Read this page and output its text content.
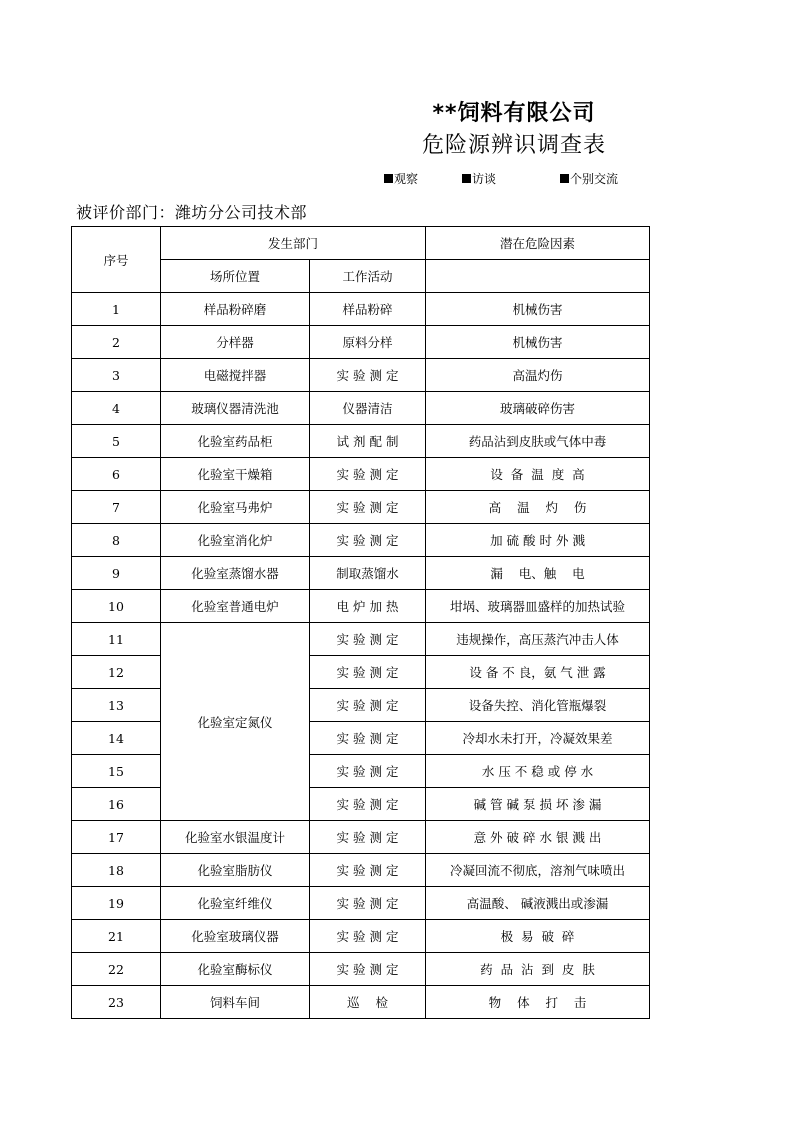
**饲料有限公司
危险源辨识调查表
观察	访谈	个别交流
被评价部门：潍坊分公司技术部
序号	发生部门		潜在危险因素
	场所位置	工作活动	
1	样品粉碎磨	样品粉碎	机械伤害
2	分样器	原料分样	机械伤害
3	电磁搅拌器	实 验 测 定	高温灼伤
4	玻璃仪器清洗池	仪器清洁	玻璃破碎伤害
5	化验室药品柜	试 剂 配 制	药品沾到皮肤或气体中毒
6	化验室干燥箱	实 验 测 定	设  备  温  度  高
7	化验室马弗炉	实 验 测 定	高    温    灼    伤
8	化验室消化炉	实 验 测 定	加 硫 酸 时 外 溅
9	化验室蒸馏水器	制取蒸馏水	漏    电、触    电
10	化验室普通电炉	电 炉 加 热	坩埚、玻璃器皿盛样的加热试验
11	化验室定氮仪	实 验 测 定	违规操作，高压蒸汽冲击人体
12		实 验 测 定	设 备 不 良，氨 气 泄 露
13		实 验 测 定	设备失控、消化管瓶爆裂
14		实 验 测 定	冷却水未打开，冷凝效果差
15		实 验 测 定	水 压 不 稳 或 停 水
16		实 验 测 定	碱 管 碱 泵 损 坏 渗 漏
17	化验室水银温度计	实 验 测 定	意 外 破 碎 水 银 溅 出
18	化验室脂肪仪	实 验 测 定	冷凝回流不彻底，溶剂气味喷出
19	化验室纤维仪	实 验 测 定	高温酸、 碱液溅出或渗漏
21	化验室玻璃仪器	实 验 测 定	极  易  破  碎
22	化验室酶标仪	实 验 测 定	药  品  沾  到  皮  肤
23	饲料车间	巡    检	物    体    打    击
